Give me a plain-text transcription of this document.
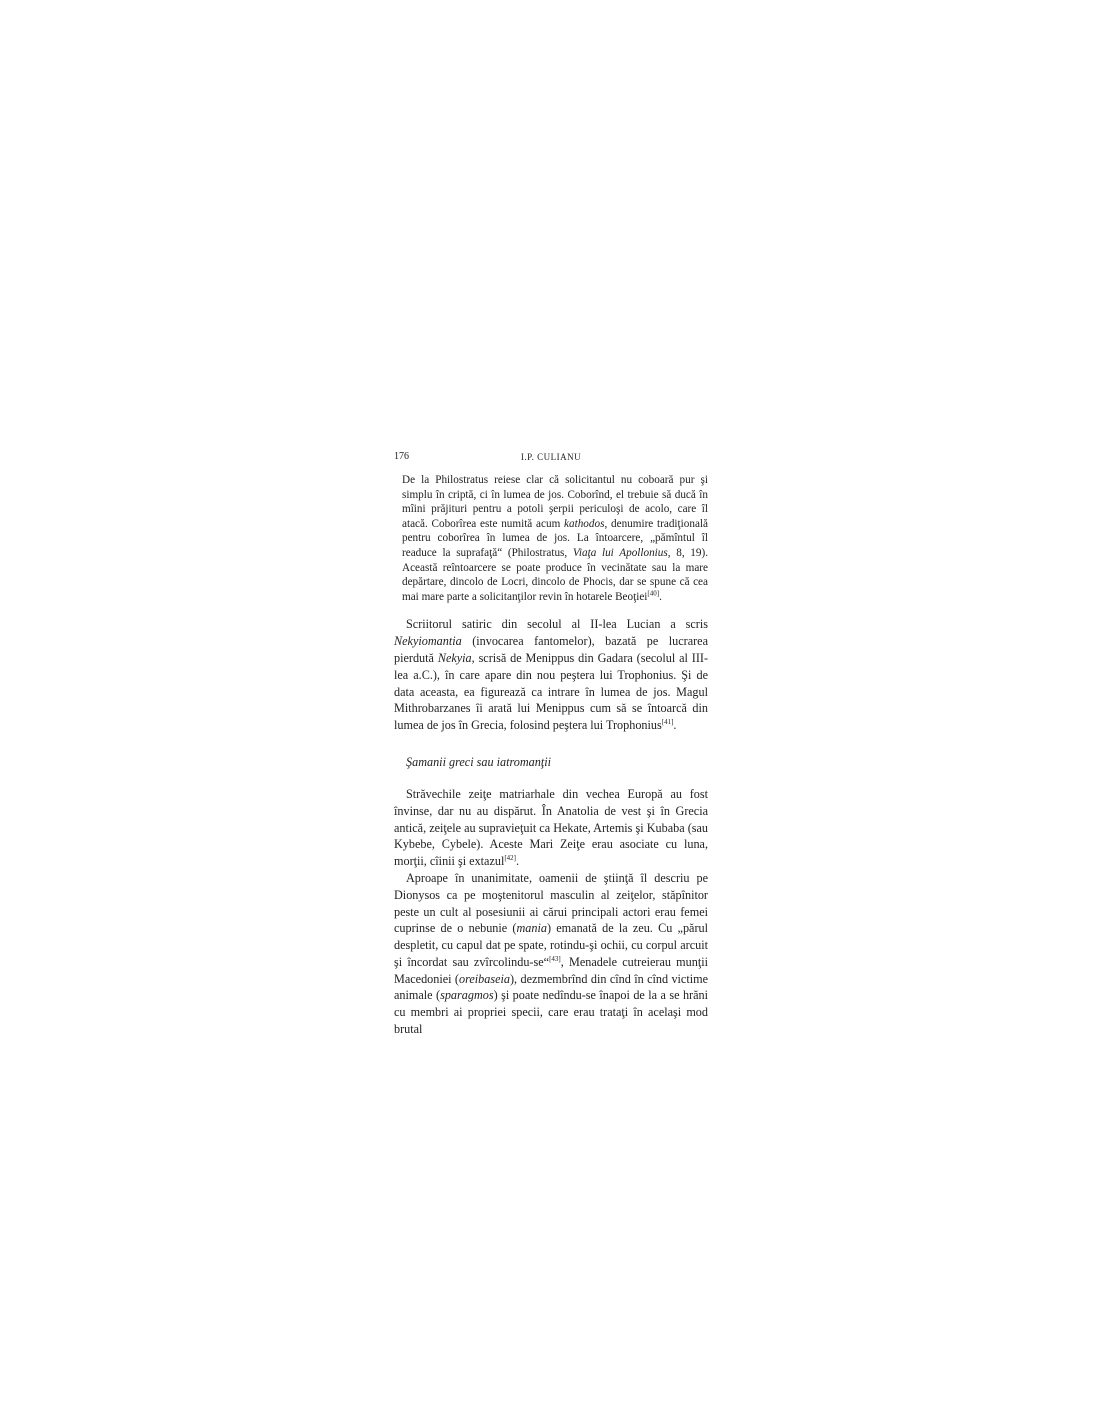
176	I.P. CULIANU

De la Philostratus reiese clar că solicitantul nu coboară pur şi simplu în criptă, ci în lumea de jos. Coborînd, el trebuie să ducă în mîini prăjituri pentru a potoli şerpii periculoşi de acolo, care îl atacă. Coborîrea este numită acum kathodos, denumire tradiţională pentru coborîrea în lumea de jos. La întoarcere, „pămîntul îl readuce la suprafaţă“ (Philostratus, Viaţa lui Apollonius, 8, 19). Această reîntoarcere se poate produce în vecinătate sau la mare depărtare, dincolo de Locri, dincolo de Phocis, dar se spune că cea mai mare parte a solicitanţilor revin în hotarele Beoţiei[40].

Scriitorul satiric din secolul al II-lea Lucian a scris Nekyiomantia (invocarea fantomelor), bazată pe lucrarea pierdută Nekyia, scrisă de Menippus din Gadara (secolul al III-lea a.C.), în care apare din nou peştera lui Trophonius. Şi de data aceasta, ea figurează ca intrare în lumea de jos. Magul Mithrobarzanes îi arată lui Menippus cum să se întoarcă din lumea de jos în Grecia, folosind peştera lui Trophonius[41].

Şamanii greci sau iatromanţii

Străvechile zeiţe matriarhale din vechea Europă au fost învinse, dar nu au dispărut. În Anatolia de vest şi în Grecia antică, zeiţele au supravieţuit ca Hekate, Artemis şi Kubaba (sau Kybebe, Cybele). Aceste Mari Zeiţe erau asociate cu luna, morţii, cîinii şi extazul[42].

Aproape în unanimitate, oamenii de ştiinţă îl descriu pe Dionysos ca pe moştenitorul masculin al zeiţelor, stăpînitor peste un cult al posesiunii ai cărui principali actori erau femei cuprinse de o nebunie (mania) emanată de la zeu. Cu „părul despletit, cu capul dat pe spate, rotindu-şi ochii, cu corpul arcuit şi încordat sau zvîrcolindu-se“[43], Menadele cutreierau munţii Macedoniei (oreibaseia), dezmembrînd din cînd în cînd victime animale (sparagmos) şi poate nedîndu-se înapoi de la a se hrăni cu membri ai propriei specii, care erau trataţi în acelaşi mod brutal
